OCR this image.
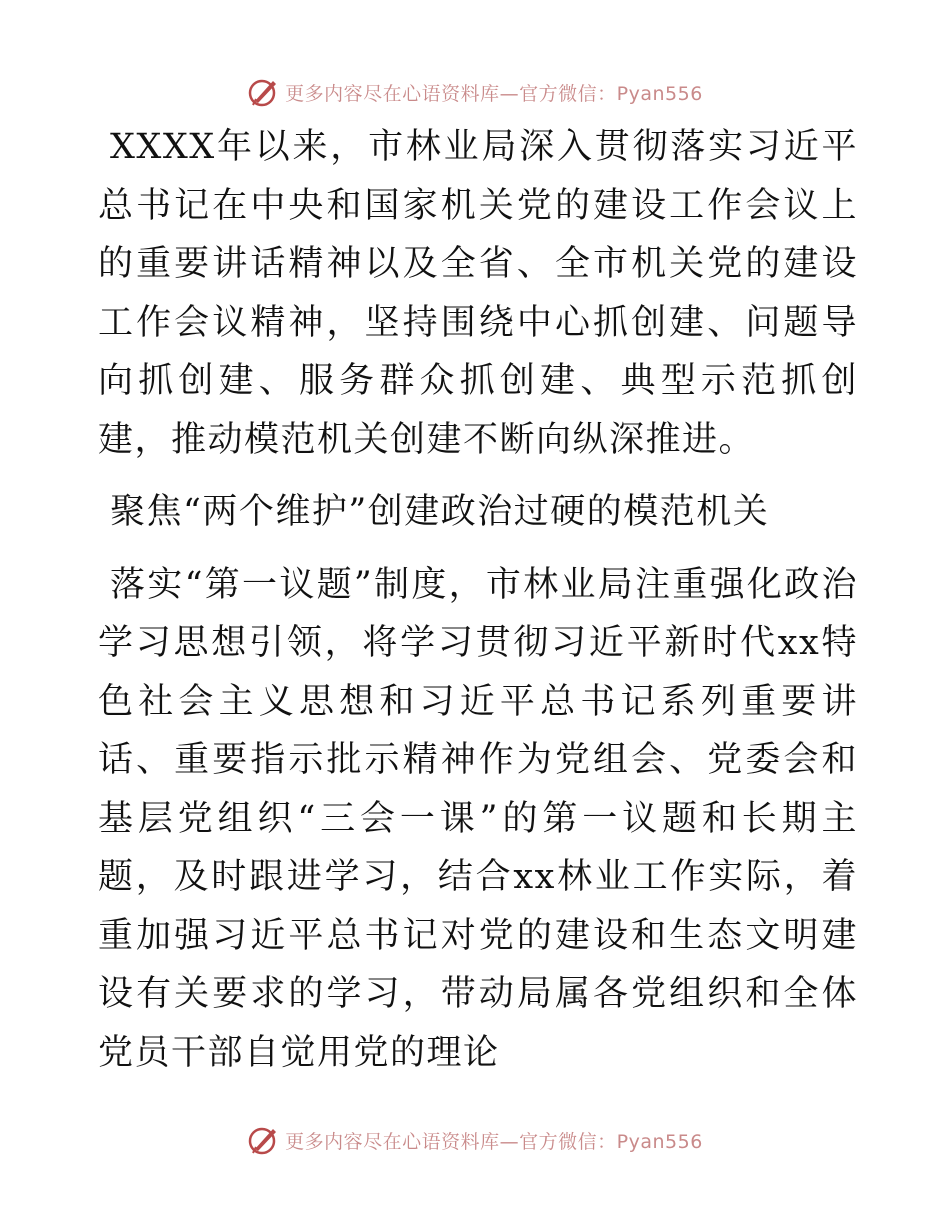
更多内容尽在心语资料库—官方微信：Pyan556

XXXX年以来，市林业局深入贯彻落实习近平总书记在中央和国家机关党的建设工作会议上的重要讲话精神以及全省、全市机关党的建设工作会议精神，坚持围绕中心抓创建、问题导向抓创建、服务群众抓创建、典型示范抓创建，推动模范机关创建不断向纵深推进。

聚焦“两个维护”创建政治过硬的模范机关

落实“第一议题”制度，市林业局注重强化政治学习思想引领，将学习贯彻习近平新时代xx特色社会主义思想和习近平总书记系列重要讲话、重要指示批示精神作为党组会、党委会和基层党组织“三会一课”的第一议题和长期主题，及时跟进学习，结合xx林业工作实际，着重加强习近平总书记对党的建设和生态文明建设有关要求的学习，带动局属各党组织和全体党员干部自觉用党的理论

更多内容尽在心语资料库—官方微信：Pyan556
